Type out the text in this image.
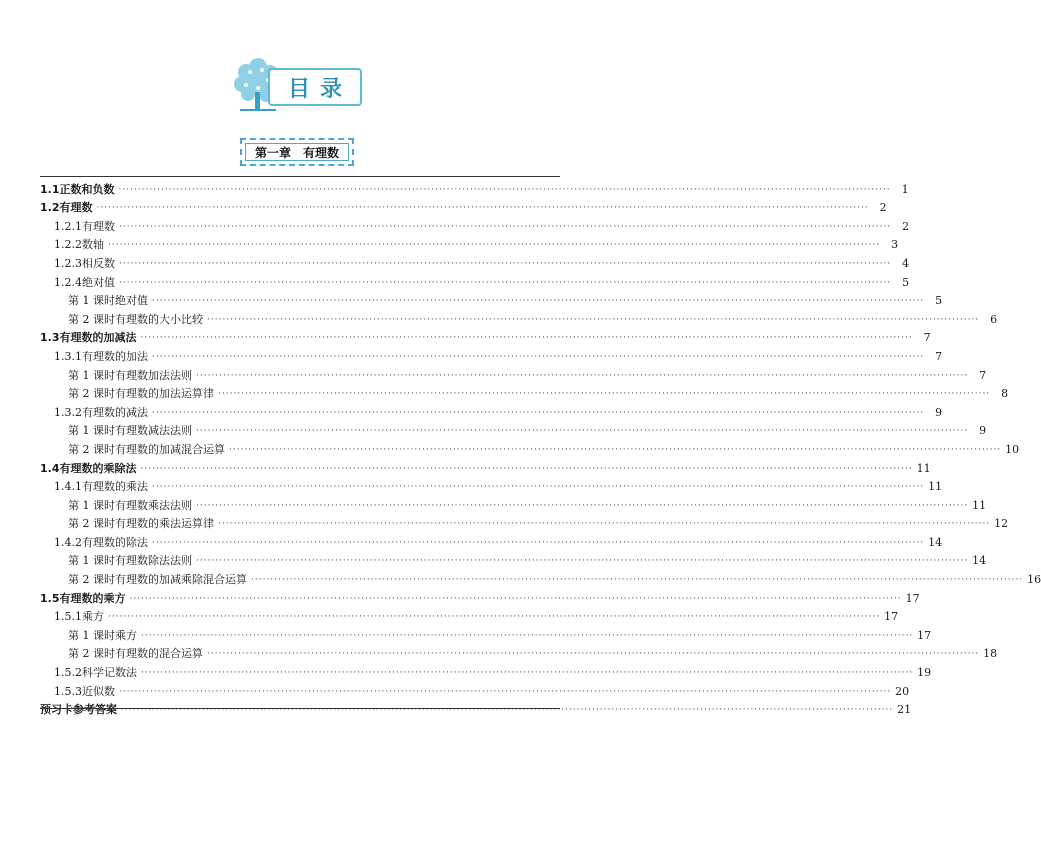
目录
第一章　有理数
1.1 正数和负数 ········································································································································································································	1
1.2 有理数 ········································································································································································································	2
1.2.1 有理数 ········································································································································································································	2
1.2.2 数轴 ········································································································································································································	3
1.2.3 相反数 ········································································································································································································	4
1.2.4 绝对值 ········································································································································································································	5
第 1 课时 绝对值 ········································································································································································································	5
第 2 课时 有理数的大小比较 ········································································································································································································	6
1.3 有理数的加减法 ········································································································································································································	7
1.3.1 有理数的加法 ········································································································································································································	7
第 1 课时 有理数加法法则 ········································································································································································································	7
第 2 课时 有理数的加法运算律 ········································································································································································································	8
1.3.2 有理数的减法 ········································································································································································································	9
第 1 课时 有理数减法法则 ········································································································································································································	9
第 2 课时 有理数的加减混合运算 ········································································································································································································ 10
1.4 有理数的乘除法 ········································································································································································································ 11
1.4.1 有理数的乘法 ········································································································································································································ 11
第 1 课时 有理数乘法法则 ········································································································································································································ 11
第 2 课时 有理数的乘法运算律 ········································································································································································································ 12
1.4.2 有理数的除法 ········································································································································································································ 14
第 1 课时 有理数除法法则 ········································································································································································································ 14
第 2 课时 有理数的加减乘除混合运算 ········································································································································································································ 16
1.5 有理数的乘方 ········································································································································································································ 17
1.5.1 乘方 ········································································································································································································ 17
第 1 课时 乘方 ········································································································································································································ 17
第 2 课时 有理数的混合运算 ········································································································································································································ 18
1.5.2 科学记数法 ········································································································································································································ 19
1.5.3 近似数 ········································································································································································································ 20
预习卡参考答案 ········································································································································································································ 21
